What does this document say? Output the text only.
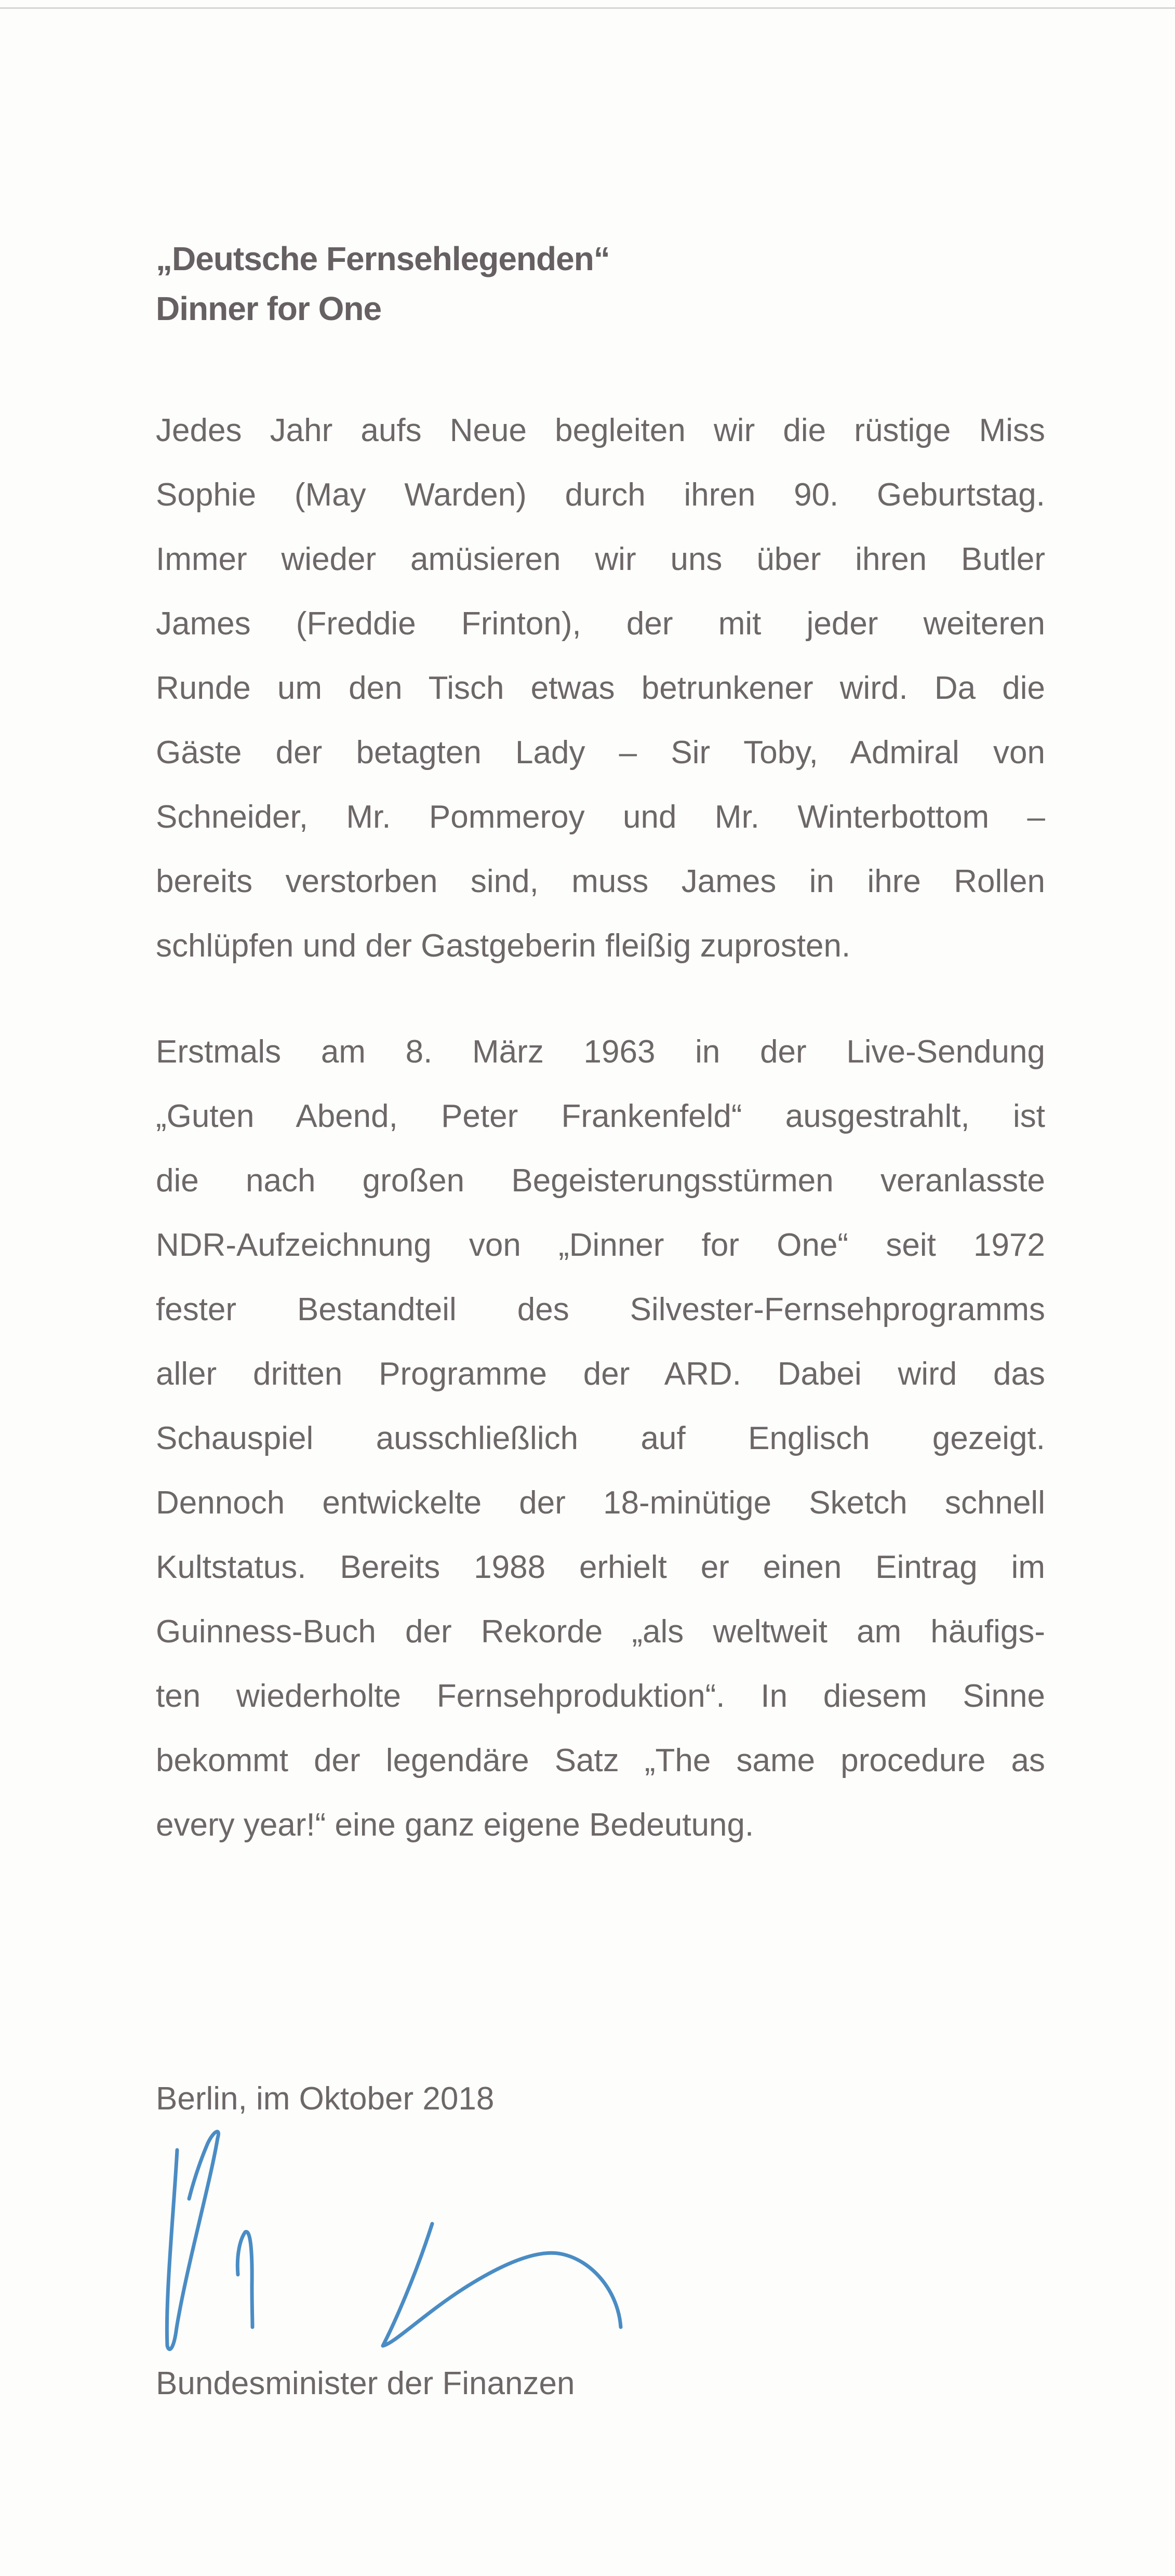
„Deutsche Fernsehlegenden“
Dinner for One
Jedes Jahr aufs Neue begleiten wir die rüstige Miss
Sophie (May Warden) durch ihren 90. Geburtstag.
Immer wieder amüsieren wir uns über ihren Butler
James (Freddie Frinton), der mit jeder weiteren
Runde um den Tisch etwas betrunkener wird. Da die
Gäste der betagten Lady – Sir Toby, Admiral von
Schneider, Mr. Pommeroy und Mr. Winterbottom –
bereits verstorben sind, muss James in ihre Rollen
schlüpfen und der Gastgeberin fleißig zuprosten.
Erstmals am 8. März 1963 in der Live-Sendung
„Guten Abend, Peter Frankenfeld“ ausgestrahlt, ist
die nach großen Begeisterungsstürmen veranlasste
NDR-Aufzeichnung von „Dinner for One“ seit 1972
fester Bestandteil des Silvester-Fernsehprogramms
aller dritten Programme der ARD. Dabei wird das
Schauspiel ausschließlich auf Englisch gezeigt.
Dennoch entwickelte der 18-minütige Sketch schnell
Kultstatus. Bereits 1988 erhielt er einen Eintrag im
Guinness-Buch der Rekorde „als weltweit am häufigs-
ten wiederholte Fernsehproduktion“. In diesem Sinne
bekommt der legendäre Satz „The same procedure as
every year!“ eine ganz eigene Bedeutung.
Berlin, im Oktober 2018
Bundesminister der Finanzen
